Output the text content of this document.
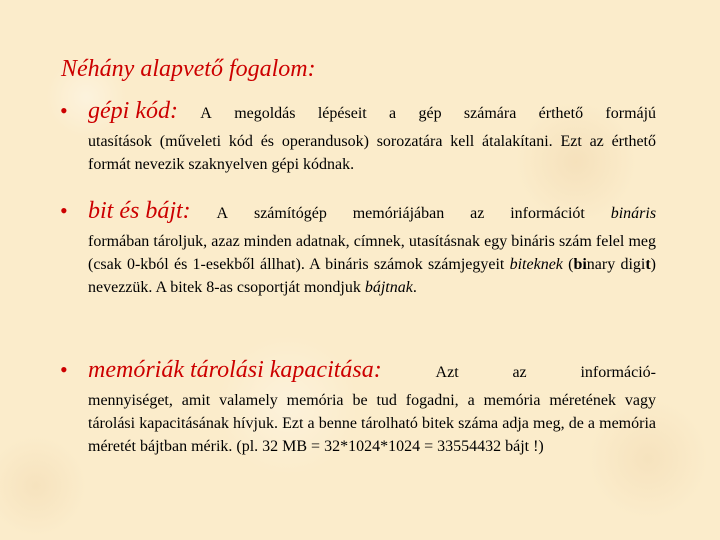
Néhány alapvető fogalom:
• gépi kód: A megoldás lépéseit a gép számára érthető formájú
utasítások (műveleti kód és operandusok) sorozatára kell átalakítani. Ezt az érthető formát nevezik szaknyelven gépi kódnak.
• bit és bájt: A számítógép memóriájában az információt bináris
formában tároljuk, azaz minden adatnak, címnek, utasításnak egy bináris szám felel meg (csak 0-kból és 1-esekből állhat). A bináris számok számjegyeit biteknek (binary digit) nevezzük. A bitek 8-as csoportját mondjuk bájtnak.
• memóriák tárolási kapacitása:	Azt	az	információ-
mennyiséget, amit valamely memória be tud fogadni, a memória méretének vagy tárolási kapacitásának hívjuk. Ezt a benne tárolható bitek száma adja meg, de a memória méretét bájtban mérik. (pl. 32 MB = 32*1024*1024 = 33554432 bájt !)
